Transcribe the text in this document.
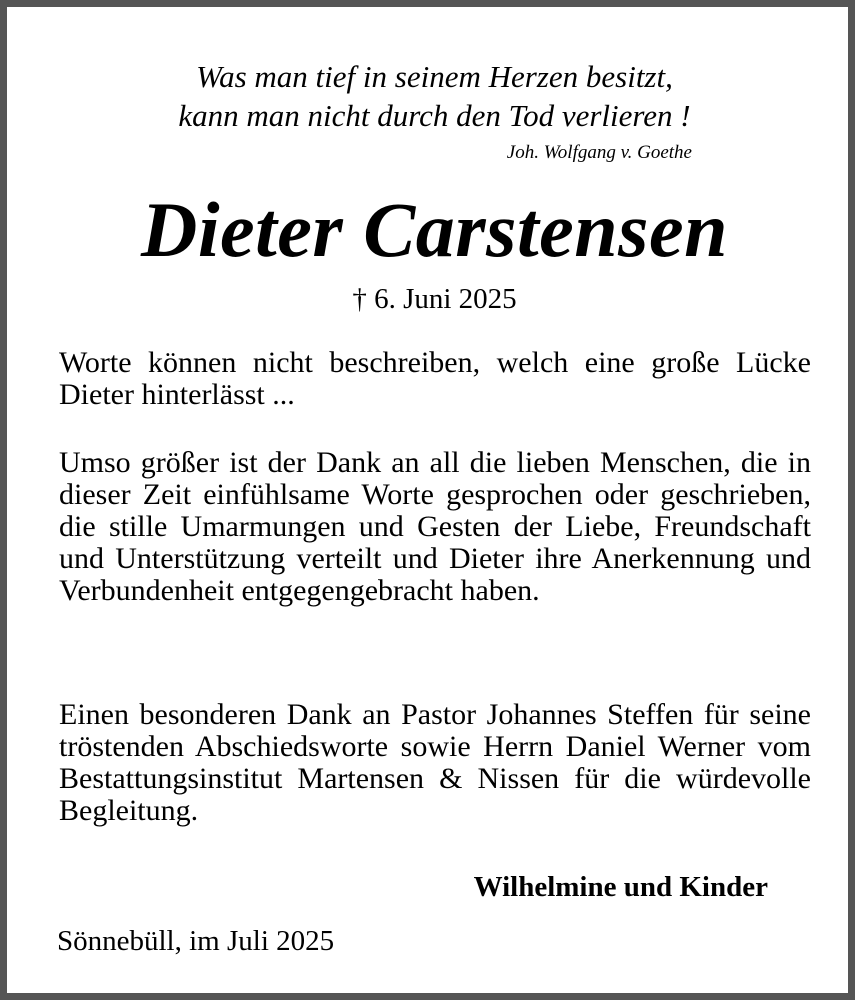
Was man tief in seinem Herzen besitzt,
kann man nicht durch den Tod verlieren !
Joh. Wolfgang v. Goethe
Dieter Carstensen
† 6. Juni 2025
Worte können nicht beschreiben, welch eine große Lücke Dieter hinterlässt ...
Umso größer ist der Dank an all die lieben Menschen, die in dieser Zeit einfühlsame Worte gesprochen oder geschrieben, die stille Umarmungen und Gesten der Liebe, Freundschaft und Unterstützung verteilt und Dieter ihre Anerkennung und Verbundenheit entgegengebracht haben.
Einen besonderen Dank an Pastor Johannes Steffen für seine tröstenden Abschiedsworte sowie Herrn Daniel Werner vom Bestattungsinstitut Martensen & Nissen für die würdevolle Begleitung.
Wilhelmine und Kinder
Sönnebüll, im Juli 2025
